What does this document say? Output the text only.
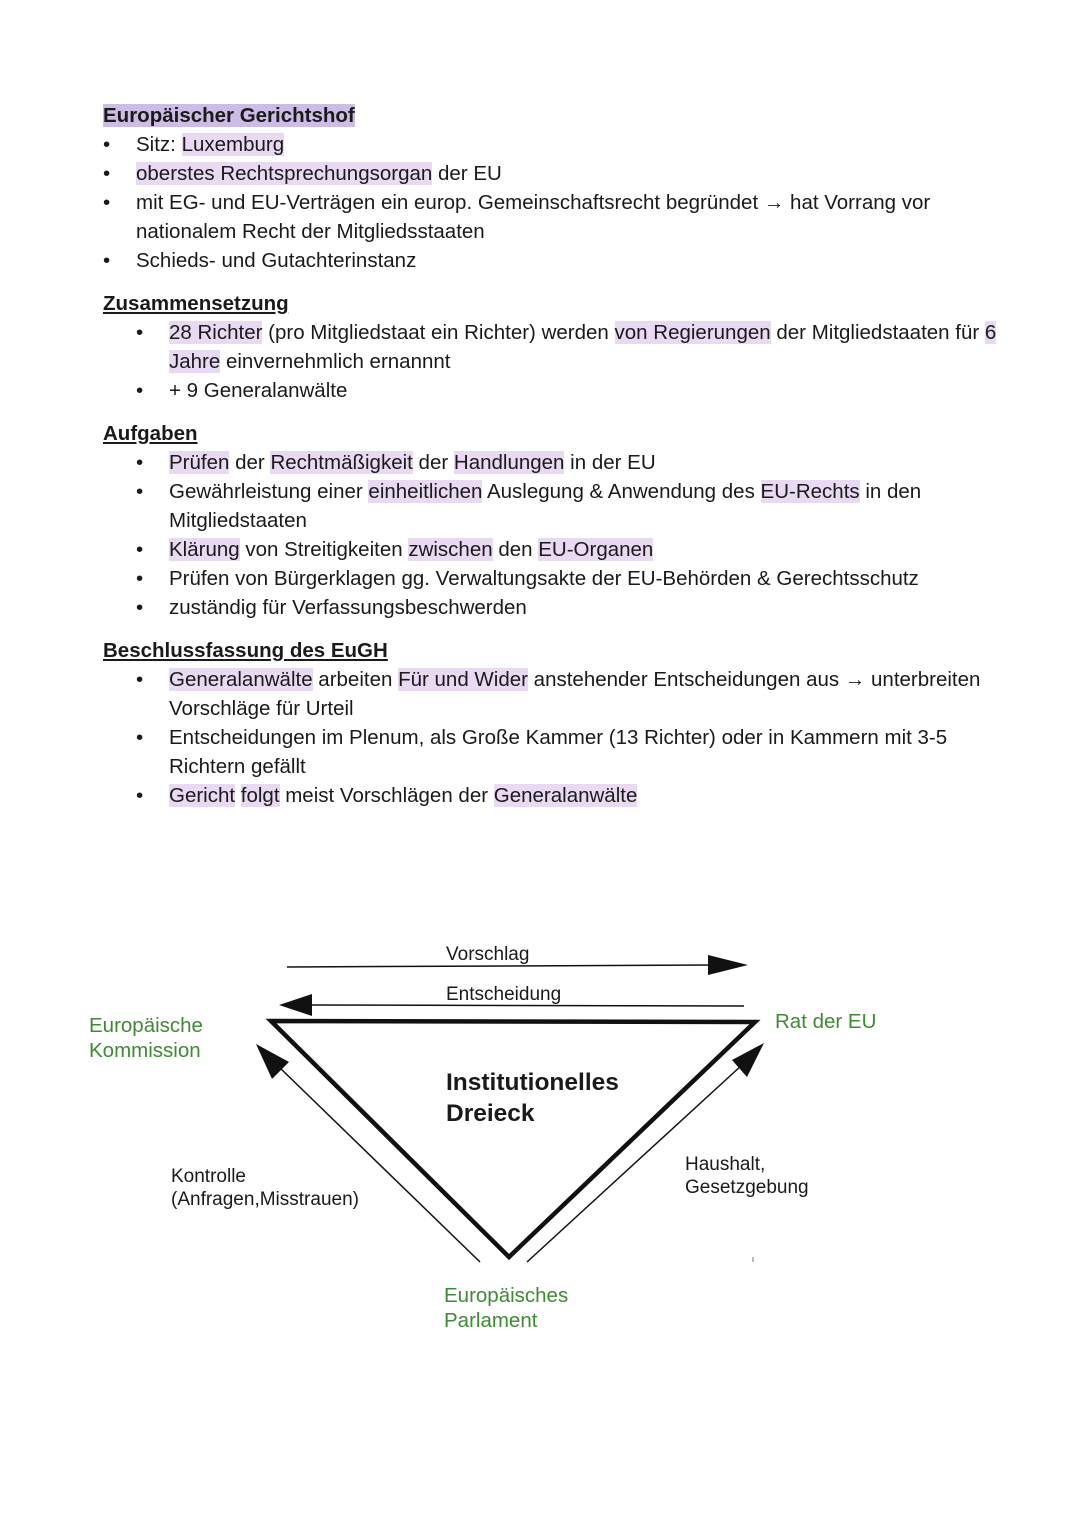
Europäischer Gerichtshof
• Sitz: Luxemburg
• oberstes Rechtsprechungsorgan der EU
• mit EG- und EU-Verträgen ein europ. Gemeinschaftsrecht begründet → hat Vorrang vor nationalem Recht der Mitgliedsstaaten
• Schieds- und Gutachterinstanz
Zusammensetzung
• 28 Richter (pro Mitgliedstaat ein Richter) werden von Regierungen der Mitgliedstaaten für 6 Jahre einvernehmlich ernannnt
• + 9 Generalanwälte
Aufgaben
• Prüfen der Rechtmäßigkeit der Handlungen in der EU
• Gewährleistung einer einheitlichen Auslegung & Anwendung des EU-Rechts in den Mitgliedstaaten
• Klärung von Streitigkeiten zwischen den EU-Organen
• Prüfen von Bürgerklagen gg. Verwaltungsakte der EU-Behörden & Gerechtsschutz
• zuständig für Verfassungsbeschwerden
Beschlussfassung des EuGH
• Generalanwälte arbeiten Für und Wider anstehender Entscheidungen aus → unterbreiten Vorschläge für Urteil
• Entscheidungen im Plenum, als Große Kammer (13 Richter) oder in Kammern mit 3-5 Richtern gefällt
• Gericht folgt meist Vorschlägen der Generalanwälte
Vorschlag
Entscheidung
Europäische
Kommission
Rat der EU
Europäisches
Parlament
Institutionelles
Dreieck
Kontrolle
(Anfragen,Misstrauen)
Haushalt,
Gesetzgebung
